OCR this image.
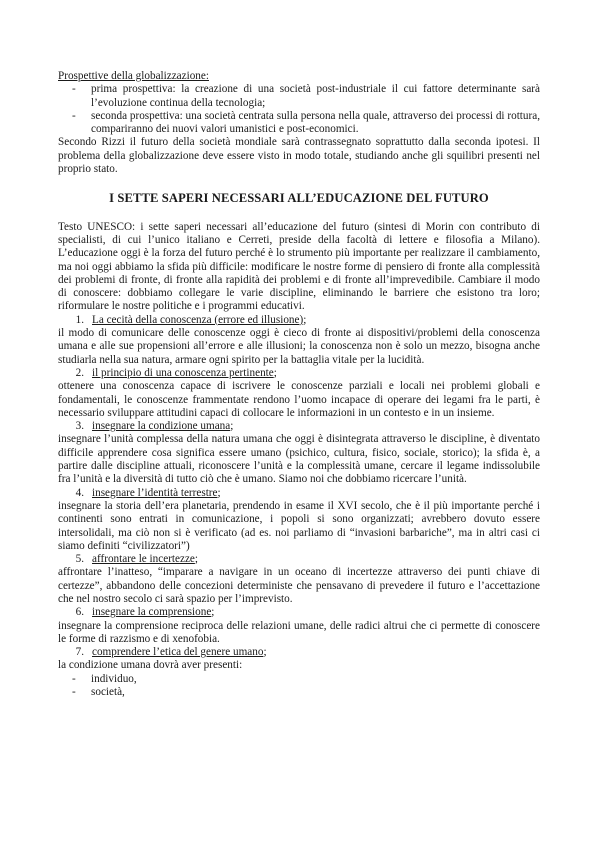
Prospettive della globalizzazione:

-	prima prospettiva: la creazione di una società post-industriale il cui fattore determinante sarà l’evoluzione continua della tecnologia;
-	seconda prospettiva: una società centrata sulla persona nella quale, attraverso dei processi di rottura, compariranno dei nuovi valori umanistici e post-economici.

Secondo Rizzi il futuro della società mondiale sarà contrassegnato soprattutto dalla seconda ipotesi. Il problema della globalizzazione deve essere visto in modo totale, studiando anche gli squilibri presenti nel proprio stato.

I SETTE SAPERI NECESSARI ALL’EDUCAZIONE DEL FUTURO

Testo UNESCO: i sette saperi necessari all’educazione del futuro (sintesi di Morin con contributo di specialisti, di cui l’unico italiano e Cerreti, preside della facoltà di lettere e filosofia a Milano). L’educazione oggi è la forza del futuro perché è lo strumento più importante per realizzare il cambiamento, ma noi oggi abbiamo la sfida più difficile: modificare le nostre forme di pensiero di fronte alla complessità dei problemi di fronte, di fronte alla rapidità dei problemi e di fronte all’imprevedibile. Cambiare il modo di conoscere: dobbiamo collegare le varie discipline, eliminando le barriere che esistono tra loro; riformulare le nostre politiche e i programmi educativi.

1. La cecità della conoscenza (errore ed illusione);

il modo di comunicare delle conoscenze oggi è cieco di fronte ai dispositivi/problemi della conoscenza umana e alle sue propensioni all’errore e alle illusioni; la conoscenza non è solo un mezzo, bisogna anche studiarla nella sua natura, armare ogni spirito per la battaglia vitale per la lucidità.

2. il principio di una conoscenza pertinente;

ottenere una conoscenza capace di iscrivere le conoscenze parziali e locali nei problemi globali e fondamentali, le conoscenze frammentate rendono l’uomo incapace di operare dei legami fra le parti, è necessario sviluppare attitudini capaci di collocare le informazioni in un contesto e in un insieme.

3. insegnare la condizione umana;

insegnare l’unità complessa della natura umana che oggi è disintegrata attraverso le discipline, è diventato difficile apprendere cosa significa essere umano (psichico, cultura, fisico, sociale, storico); la sfida è, a partire dalle discipline attuali, riconoscere l’unità e la complessità umane, cercare il legame indissolubile fra l’unità e la diversità di tutto ciò che è umano. Siamo noi che dobbiamo ricercare l’unità.

4. insegnare l’identità terrestre;

insegnare la storia dell’era planetaria, prendendo in esame il XVI secolo, che è il più importante perché i continenti sono entrati in comunicazione, i popoli si sono organizzati; avrebbero dovuto essere intersolidali, ma ciò non si è verificato (ad es. noi parliamo di “invasioni barbariche”, ma in altri casi ci siamo definiti “civilizzatori”)

5. affrontare le incertezze;

affrontare l’inatteso, “imparare a navigare in un oceano di incertezze attraverso dei punti chiave di certezze”, abbandono delle concezioni deterministe che pensavano di prevedere il futuro e l’accettazione che nel nostro secolo ci sarà spazio per l’imprevisto.

6. insegnare la comprensione;

insegnare la comprensione reciproca delle relazioni umane, delle radici altrui che ci permette di conoscere le forme di razzismo e di xenofobia.

7. comprendere l’etica del genere umano;

la condizione umana dovrà aver presenti:

-	individuo,
-	società,
